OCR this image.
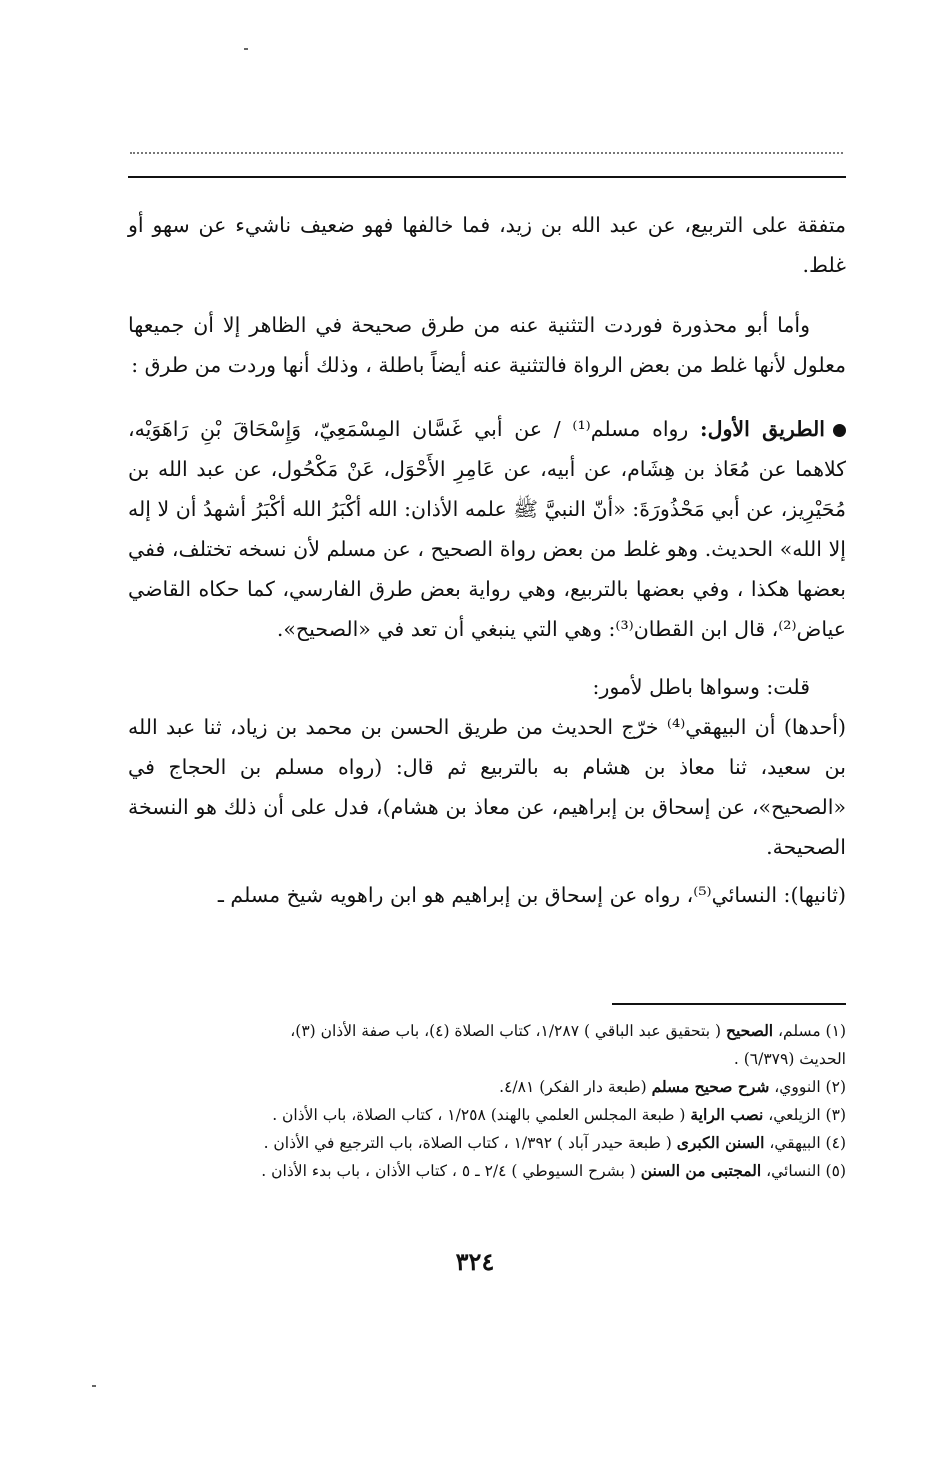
متفقة على التربيع، عن عبد الله بن زيد، فما خالفها فهو ضعيف ناشيء عن سهو أو غلط.

وأما أبو محذورة فوردت التثنية عنه من طرق صحيحة في الظاهر إلا أن جميعها معلول لأنها غلط من بعض الرواة فالتثنية عنه أيضاً باطلة ، وذلك أنها وردت من طرق :

الطريق الأول: رواه مسلم⁽¹⁾ / عن أبي غَسَّان المِسْمَعِيّ، وَإِسْحَاقَ بْنِ رَاهَوَيْه، كلاهما عن مُعَاذ بن هِشَام، عن أبيه، عن عَامِرِ الأَحْوَل، عَنْ مَكْحُول، عن عبد الله بن مُحَيْرِيز، عن أبي مَحْذُورَةَ: «أنّ النبيَّ ﷺ علمه الأذان: الله أكْبَرُ الله أكْبَرُ أشهدُ أن لا إله إلا الله» الحديث. وهو غلط من بعض رواة الصحيح ، عن مسلم لأن نسخه تختلف، ففي بعضها هكذا ، وفي بعضها بالتربيع، وهي رواية بعض طرق الفارسي، كما حكاه القاضي عياض⁽²⁾، قال ابن القطان⁽³⁾: وهي التي ينبغي أن تعد في «الصحيح».

قلت: وسواها باطل لأمور:

(أحدها) أن البيهقي⁽⁴⁾ خرّج الحديث من طريق الحسن بن محمد بن زياد، ثنا عبد الله بن سعيد، ثنا معاذ بن هشام به بالتربيع ثم قال: (رواه مسلم بن الحجاج في «الصحيح»، عن إسحاق بن إبراهيم، عن معاذ بن هشام)، فدل على أن ذلك هو النسخة الصحيحة.

(ثانيها): النسائي⁽⁵⁾، رواه عن إسحاق بن إبراهيم هو ابن راهويه شيخ مسلم ـ

(١) مسلم، الصحيح ( بتحقيق عبد الباقي ) ١/٢٨٧، كتاب الصلاة (٤)، باب صفة الأذان (٣)،
الحديث (٦/٣٧٩) .
(٢) النووي، شرح صحيح مسلم (طبعة دار الفكر) ٤/٨١.
(٣) الزيلعي، نصب الراية ( طبعة المجلس العلمي بالهند) ١/٢٥٨ ، كتاب الصلاة، باب الأذان .
(٤) البيهقي، السنن الكبرى ( طبعة حيدر آباد ) ١/٣٩٢ ، كتاب الصلاة، باب الترجيع في الأذان .
(٥) النسائي، المجتبى من السنن ( بشرح السيوطي ) ٢/٤ ـ ٥ ، كتاب الأذان ، باب بدء الأذان .
٣٢٤
